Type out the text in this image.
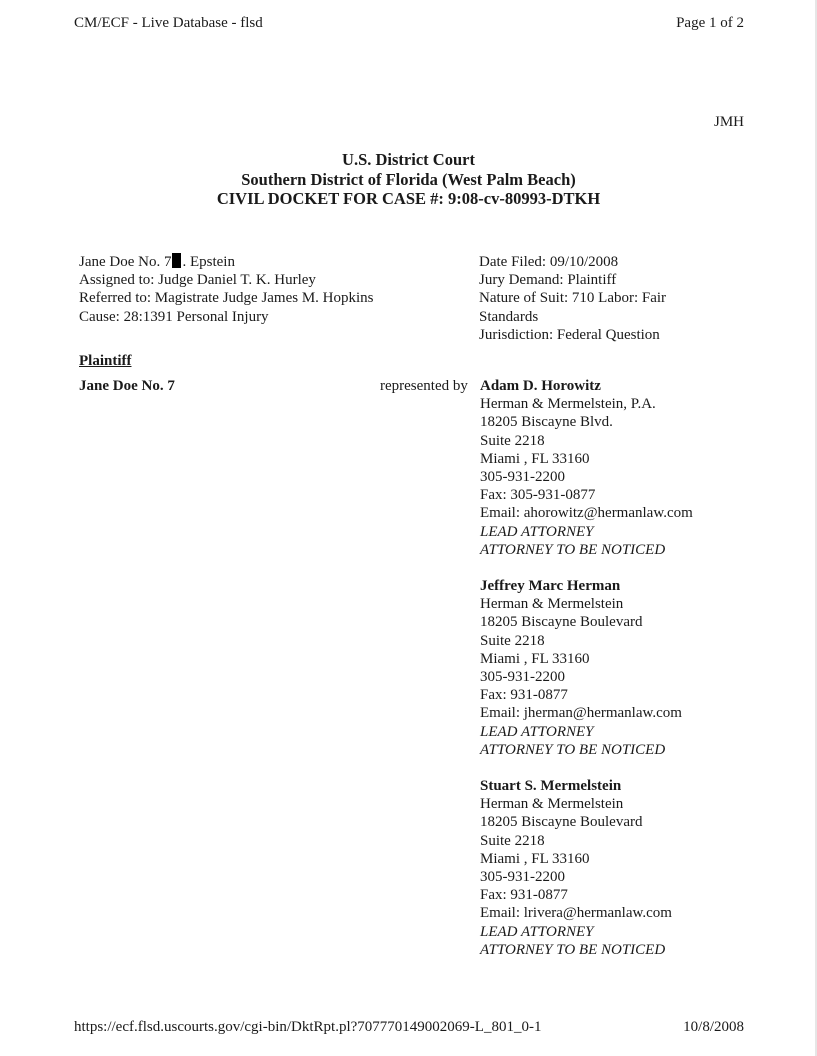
CM/ECF - Live Database - flsd	Page 1 of 2
JMH
U.S. District Court
Southern District of Florida (West Palm Beach)
CIVIL DOCKET FOR CASE #: 9:08-cv-80993-DTKH
Jane Doe No. 7 . Epstein
Assigned to: Judge Daniel T. K. Hurley
Referred to: Magistrate Judge James M. Hopkins
Cause: 28:1391 Personal Injury
Date Filed: 09/10/2008
Jury Demand: Plaintiff
Nature of Suit: 710 Labor: Fair
Standards
Jurisdiction: Federal Question
Plaintiff
Jane Doe No. 7	represented by Adam D. Horowitz
Herman & Mermelstein, P.A.
18205 Biscayne Blvd.
Suite 2218
Miami , FL 33160
305-931-2200
Fax: 305-931-0877
Email: ahorowitz@hermanlaw.com
LEAD ATTORNEY
ATTORNEY TO BE NOTICED
Jeffrey Marc Herman
Herman & Mermelstein
18205 Biscayne Boulevard
Suite 2218
Miami , FL 33160
305-931-2200
Fax: 931-0877
Email: jherman@hermanlaw.com
LEAD ATTORNEY
ATTORNEY TO BE NOTICED
Stuart S. Mermelstein
Herman & Mermelstein
18205 Biscayne Boulevard
Suite 2218
Miami , FL 33160
305-931-2200
Fax: 931-0877
Email: lrivera@hermanlaw.com
LEAD ATTORNEY
ATTORNEY TO BE NOTICED
https://ecf.flsd.uscourts.gov/cgi-bin/DktRpt.pl?707770149002069-L_801_0-1	10/8/2008
